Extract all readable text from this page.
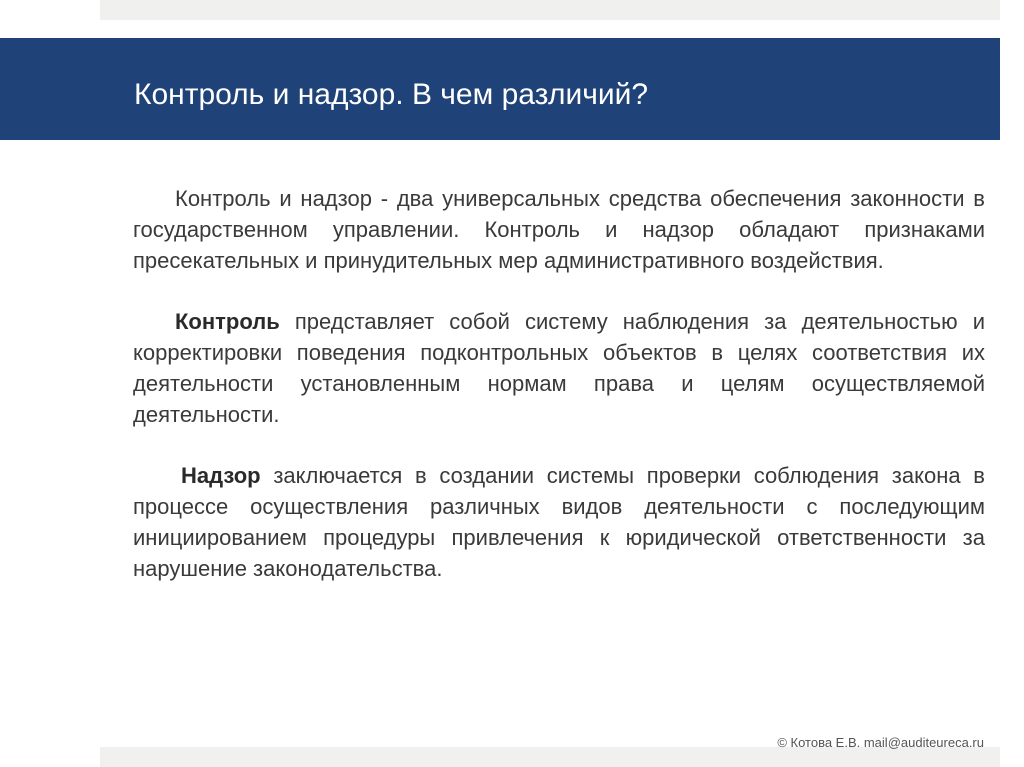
Контроль и надзор. В чем различий?

Контроль и надзор - два универсальных средства обеспечения законности в государственном управлении. Контроль и надзор обладают признаками пресекательных и принудительных мер административного воздействия.

Контроль представляет собой систему наблюдения за деятельностью и корректировки поведения подконтрольных объектов в целях соответствия их деятельности установленным нормам права и целям осуществляемой деятельности.

Надзор заключается в создании системы проверки соблюдения закона в процессе осуществления различных видов деятельности с последующим инициированием процедуры привлечения к юридической ответственности за нарушение законодательства.

© Котова Е.В. mail@auditeureca.ru
